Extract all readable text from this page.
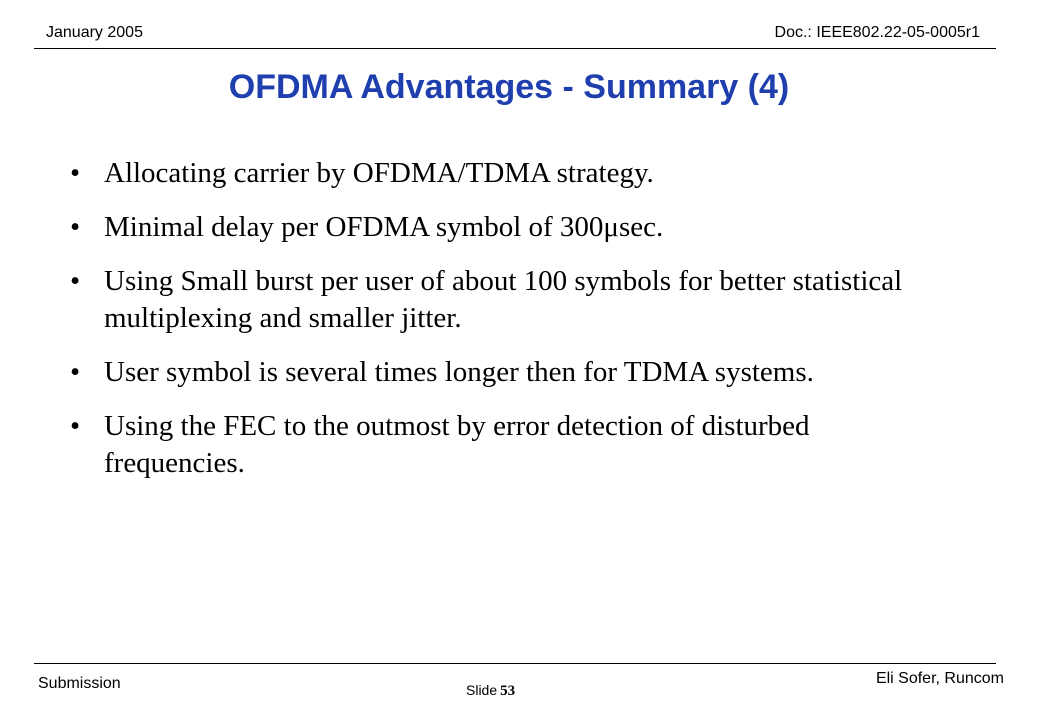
January 2005	Doc.: IEEE802.22-05-0005r1
OFDMA Advantages - Summary (4)
• Allocating carrier by OFDMA/TDMA strategy.
• Minimal delay per OFDMA symbol of 300μsec.
• Using Small burst per user of about 100 symbols for better statistical multiplexing and smaller jitter.
• User symbol is several times longer then for TDMA systems.
• Using the FEC to the outmost by error detection of disturbed frequencies.
Submission	Slide 53
Eli Sofer, Runcom
